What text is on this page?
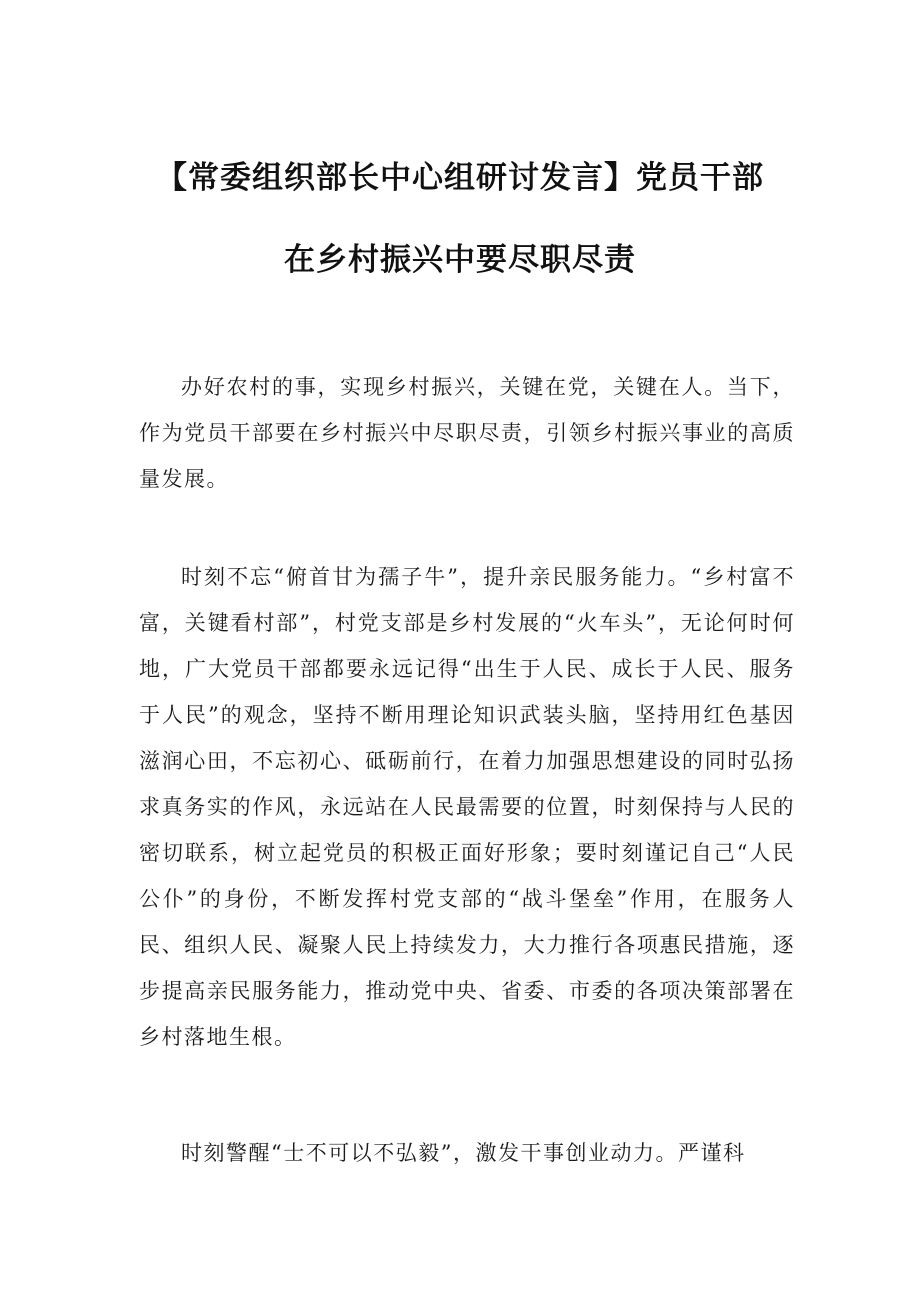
【常委组织部长中心组研讨发言】党员干部
在乡村振兴中要尽职尽责

办好农村的事，实现乡村振兴，关键在党，关键在人。当下，作为党员干部要在乡村振兴中尽职尽责，引领乡村振兴事业的高质量发展。

时刻不忘“俯首甘为孺子牛”，提升亲民服务能力。“乡村富不富，关键看村部”，村党支部是乡村发展的“火车头”，无论何时何地，广大党员干部都要永远记得“出生于人民、成长于人民、服务于人民”的观念，坚持不断用理论知识武装头脑，坚持用红色基因滋润心田，不忘初心、砥砺前行，在着力加强思想建设的同时弘扬求真务实的作风，永远站在人民最需要的位置，时刻保持与人民的密切联系，树立起党员的积极正面好形象；要时刻谨记自己“人民公仆”的身份，不断发挥村党支部的“战斗堡垒”作用，在服务人民、组织人民、凝聚人民上持续发力，大力推行各项惠民措施，逐步提高亲民服务能力，推动党中央、省委、市委的各项决策部署在乡村落地生根。

时刻警醒“士不可以不弘毅”，激发干事创业动力。严谨科
